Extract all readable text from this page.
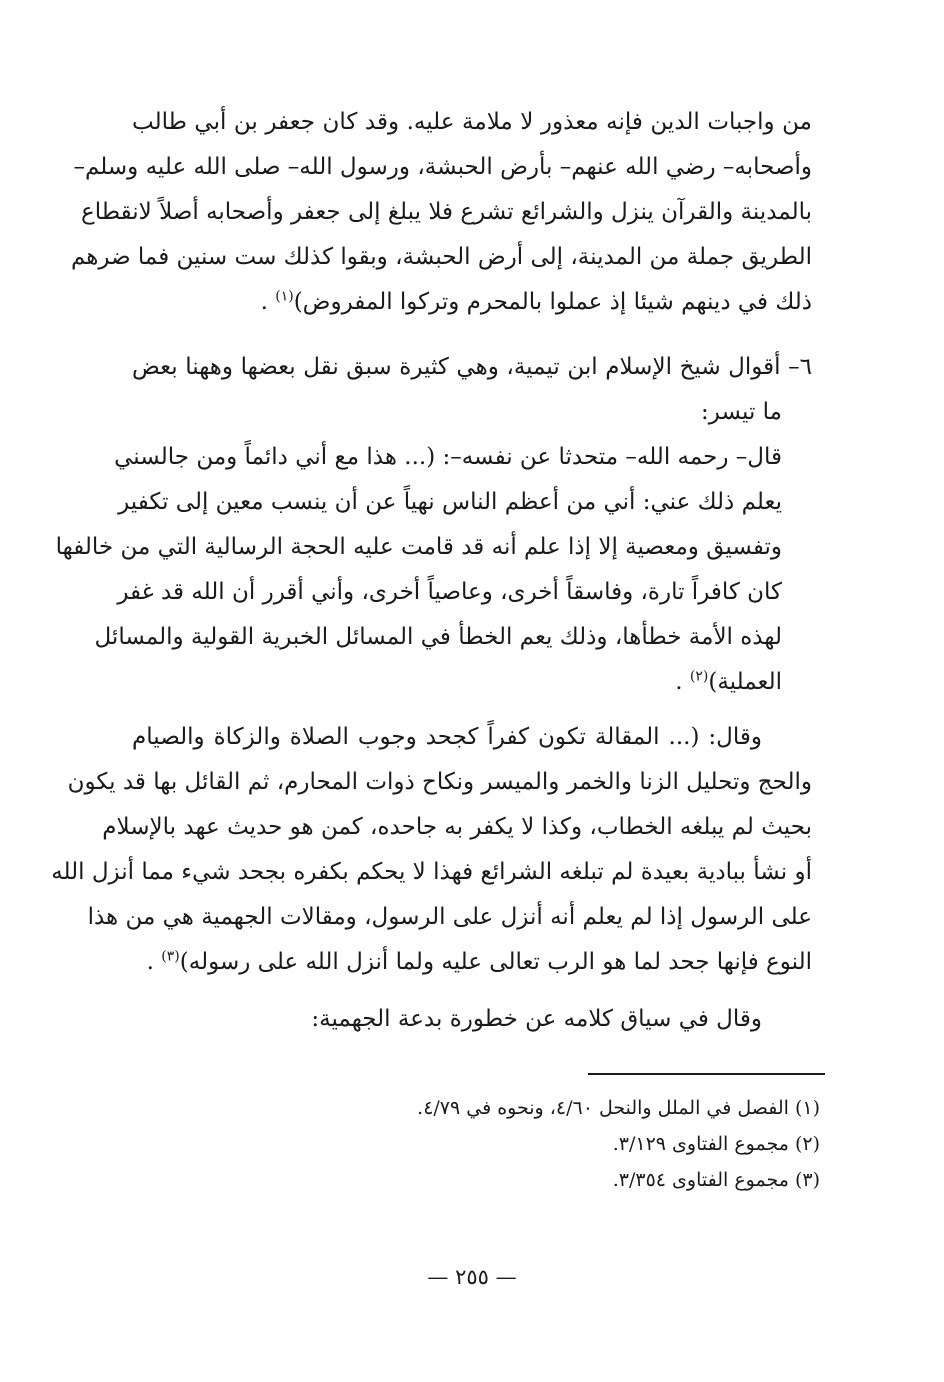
من واجبات الدين فإنه معذور لا ملامة عليه. وقد كان جعفر بن أبي طالب
وأصحابه– رضي الله عنهم– بأرض الحبشة، ورسول الله– صلى الله عليه وسلم–
بالمدينة والقرآن ينزل والشرائع تشرع فلا يبلغ إلى جعفر وأصحابه أصلاً لانقطاع
الطريق جملة من المدينة، إلى أرض الحبشة، وبقوا كذلك ست سنين فما ضرهم
ذلك في دينهم شيئا إذ عملوا بالمحرم وتركوا المفروض)$^{(١)}$ .
٦– أقوال شيخ الإسلام ابن تيمية، وهي كثيرة سبق نقل بعضها وههنا بعض
ما تيسر:
قال– رحمه الله– متحدثا عن نفسه–: (... هذا مع أني دائماً ومن جالسني
يعلم ذلك عني: أني من أعظم الناس نهياً عن أن ينسب معين إلى تكفير
وتفسيق ومعصية إلا إذا علم أنه قد قامت عليه الحجة الرسالية التي من خالفها
كان كافراً تارة، وفاسقاً أخرى، وعاصياً أخرى، وأني أقرر أن الله قد غفر
لهذه الأمة خطأها، وذلك يعم الخطأ في المسائل الخبرية القولية والمسائل
العملية)$^{(٢)}$ .
وقال: (... المقالة تكون كفراً كجحد وجوب الصلاة والزكاة والصيام
والحج وتحليل الزنا والخمر والميسر ونكاح ذوات المحارم، ثم القائل بها قد يكون
بحيث لم يبلغه الخطاب، وكذا لا يكفر به جاحده، كمن هو حديث عهد بالإسلام
أو نشأ ببادية بعيدة لم تبلغه الشرائع فهذا لا يحكم بكفره بجحد شيء مما أنزل الله
على الرسول إذا لم يعلم أنه أنزل على الرسول، ومقالات الجهمية هي من هذا
النوع فإنها جحد لما هو الرب تعالى عليه ولما أنزل الله على رسوله)$^{(٣)}$ .
وقال في سياق كلامه عن خطورة بدعة الجهمية:
(١) الفصل في الملل والنحل ٤/٦٠، ونحوه في ٤/٧٩.
(٢) مجموع الفتاوى ٣/١٢٩.
(٣) مجموع الفتاوى ٣/٣٥٤.
— ٢٥٥ —
